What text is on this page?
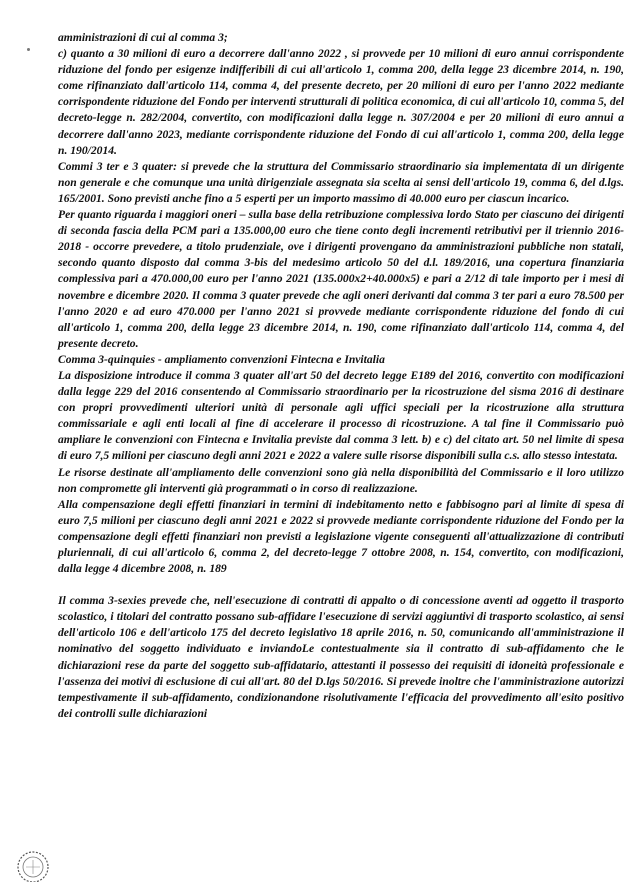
amministrazioni di cui al comma 3;

c) quanto a 30 milioni di euro a decorrere dall'anno 2022 , si provvede per 10 milioni di euro annui corrispondente riduzione del fondo per esigenze indifferibili di cui all'articolo 1, comma 200, della legge 23 dicembre 2014, n. 190, come rifinanziato dall'articolo 114, comma 4, del presente decreto, per 20 milioni di euro per l'anno 2022 mediante corrispondente riduzione del Fondo per interventi strutturali di politica economica, di cui all'articolo 10, comma 5, del decreto-legge n. 282/2004, convertito, con modificazioni dalla legge n. 307/2004 e per 20 milioni di euro annui a decorrere dall'anno 2023, mediante corrispondente riduzione del Fondo di cui all'articolo 1, comma 200, della legge n. 190/2014.

Commi 3 ter e 3 quater: si prevede che la struttura del Commissario straordinario sia implementata di un dirigente non generale e che comunque una unità dirigenziale assegnata sia scelta ai sensi dell'articolo 19, comma 6, del d.lgs. 165/2001. Sono previsti anche fino a 5 esperti per un importo massimo di 40.000 euro per ciascun incarico.

Per quanto riguarda i maggiori oneri – sulla base della retribuzione complessiva lordo Stato per ciascuno dei dirigenti di seconda fascia della PCM pari a 135.000,00 euro che tiene conto degli incrementi retributivi per il triennio 2016-2018 - occorre prevedere, a titolo prudenziale, ove i dirigenti provengano da amministrazioni pubbliche non statali, secondo quanto disposto dal comma 3-bis del medesimo articolo 50 del d.l. 189/2016, una copertura finanziaria complessiva pari a 470.000,00 euro per l'anno 2021 (135.000x2+40.000x5) e pari a 2/12 di tale importo per i mesi di novembre e dicembre 2020. Il comma 3 quater prevede che agli oneri derivanti dal comma 3 ter pari a euro 78.500 per l'anno 2020 e ad euro 470.000 per l'anno 2021 si provvede mediante corrispondente riduzione del fondo di cui all'articolo 1, comma 200, della legge 23 dicembre 2014, n. 190, come rifinanziato dall'articolo 114, comma 4, del presente decreto.

Comma 3-quinquies - ampliamento convenzioni Fintecna e Invitalia

La disposizione introduce il comma 3 quater all'art 50 del decreto legge E189 del 2016, convertito con modificazioni dalla legge 229 del 2016 consentendo al Commissario straordinario per la ricostruzione del sisma 2016 di destinare con propri provvedimenti ulteriori unità di personale agli uffici speciali per la ricostruzione alla struttura commissariale e agli enti locali al fine di accelerare il processo di ricostruzione. A tal fine il Commissario può ampliare le convenzioni con Fintecna e Invitalia previste dal comma 3 lett. b) e c) del citato art. 50 nel limite di spesa di euro 7,5 milioni per ciascuno degli anni 2021 e 2022 a valere sulle risorse disponibili sulla c.s. allo stesso intestata.

Le risorse destinate all'ampliamento delle convenzioni sono già nella disponibilità del Commissario e il loro utilizzo non compromette gli interventi già programmati o in corso di realizzazione.

Alla compensazione degli effetti finanziari in termini di indebitamento netto e fabbisogno pari al limite di spesa di euro 7,5 milioni per ciascuno degli anni 2021 e 2022 si provvede mediante corrispondente riduzione del Fondo per la compensazione degli effetti finanziari non previsti a legislazione vigente conseguenti all'attualizzazione di contributi pluriennali, di cui all'articolo 6, comma 2, del decreto-legge 7 ottobre 2008, n. 154, convertito, con modificazioni, dalla legge 4 dicembre 2008, n. 189

Il comma 3-sexies prevede che, nell'esecuzione di contratti di appalto o di concessione aventi ad oggetto il trasporto scolastico, i titolari del contratto possano sub-affidare l'esecuzione di servizi aggiuntivi di trasporto scolastico, ai sensi dell'articolo 106 e dell'articolo 175 del decreto legislativo 18 aprile 2016, n. 50, comunicando all'amministrazione il nominativo del soggetto individuato e inviandoLe contestualmente sia il contratto di sub-affidamento che le dichiarazioni rese da parte del soggetto sub-affidatario, attestanti il possesso dei requisiti di idoneità professionale e l'assenza dei motivi di esclusione di cui all'art. 80 del D.lgs 50/2016. Si prevede inoltre che l'amministrazione autorizzi tempestivamente il sub-affidamento, condizionandone risolutivamente l'efficacia del provvedimento all'esito positivo dei controlli sulle dichiarazioni
